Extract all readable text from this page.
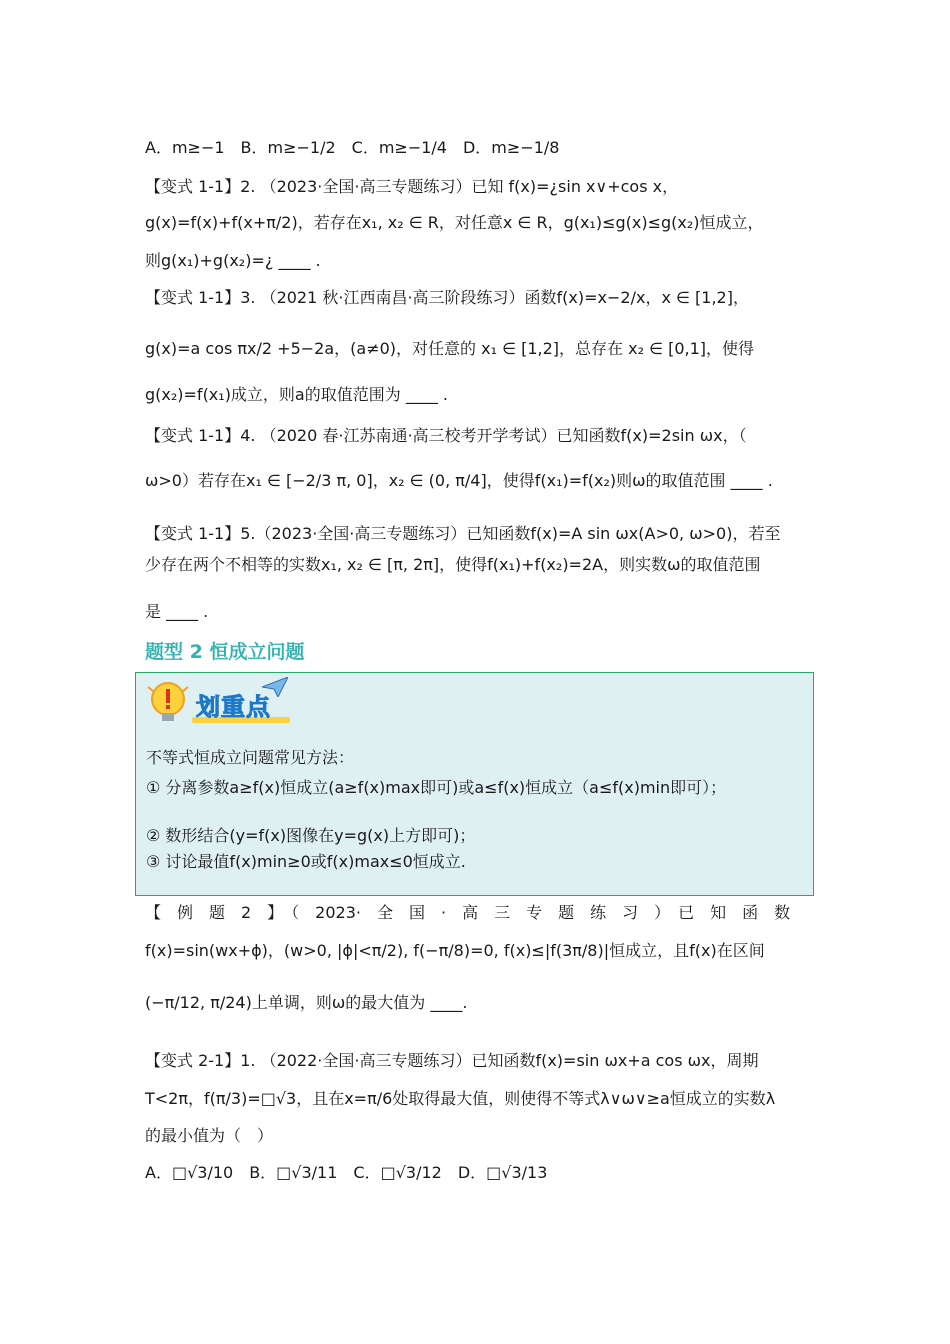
A．m≥−1　B．m≥−1/2　C．m≥−1/4　D．m≥−1/8
【变式 1-1】2. （2023·全国·高三专题练习）已知 f(x)=¿sin x∨+cos x，
g(x)=f(x)+f(x+π/2)，若存在x₁, x₂ ∈ R，对任意x ∈ R，g(x₁)≤g(x)≤g(x₂)恒成立，
则g(x₁)+g(x₂)=¿ ____ .
【变式 1-1】3. （2021 秋·江西南昌·高三阶段练习）函数f(x)=x−2/x，x ∈ [1,2]，
g(x)=a cos πx/2 +5−2a，(a≠0)，对任意的 x₁ ∈ [1,2]，总存在 x₂ ∈ [0,1]，使得
g(x₂)=f(x₁)成立，则a的取值范围为 ____ .
【变式 1-1】4. （2020 春·江苏南通·高三校考开学考试）已知函数f(x)=2sin ωx，（
ω>0）若存在x₁ ∈ [−2/3 π, 0]，x₂ ∈ (0, π/4]，使得f(x₁)=f(x₂)则ω的取值范围 ____ .
【变式 1-1】5.（2023·全国·高三专题练习）已知函数f(x)=A sin ωx(A>0, ω>0)，若至
少存在两个不相等的实数x₁, x₂ ∈ [π, 2π]，使得f(x₁)+f(x₂)=2A，则实数ω的取值范围
是 ____ .
题型 2 恒成立问题
划重点
不等式恒成立问题常见方法：
① 分离参数a≥f(x)恒成立(a≥f(x)max即可)或a≤f(x)恒成立（a≤f(x)min即可）；
② 数形结合(y=f(x)图像在y=g(x)上方即可)；
③ 讨论最值f(x)min≥0或f(x)max≤0恒成立.
【　例　题　2　】　（　2023·　全　国　·　高　三　专　题　练　习　）　已　知　函　数
f(x)=sin(wx+ϕ)，(w>0, |ϕ|<π/2), f(−π/8)=0, f(x)≤|f(3π/8)|恒成立，且f(x)在区间
(−π/12, π/24)上单调，则ω的最大值为 ____.
【变式 2-1】1. （2022·全国·高三专题练习）已知函数f(x)=sin ωx+a cos ωx，周期
T<2π，f(π/3)=□√3，且在x=π/6处取得最大值，则使得不等式λ∨ω∨≥a恒成立的实数λ
的最小值为（　）
A．□√3/10　B．□√3/11　C．□√3/12　D．□√3/13
